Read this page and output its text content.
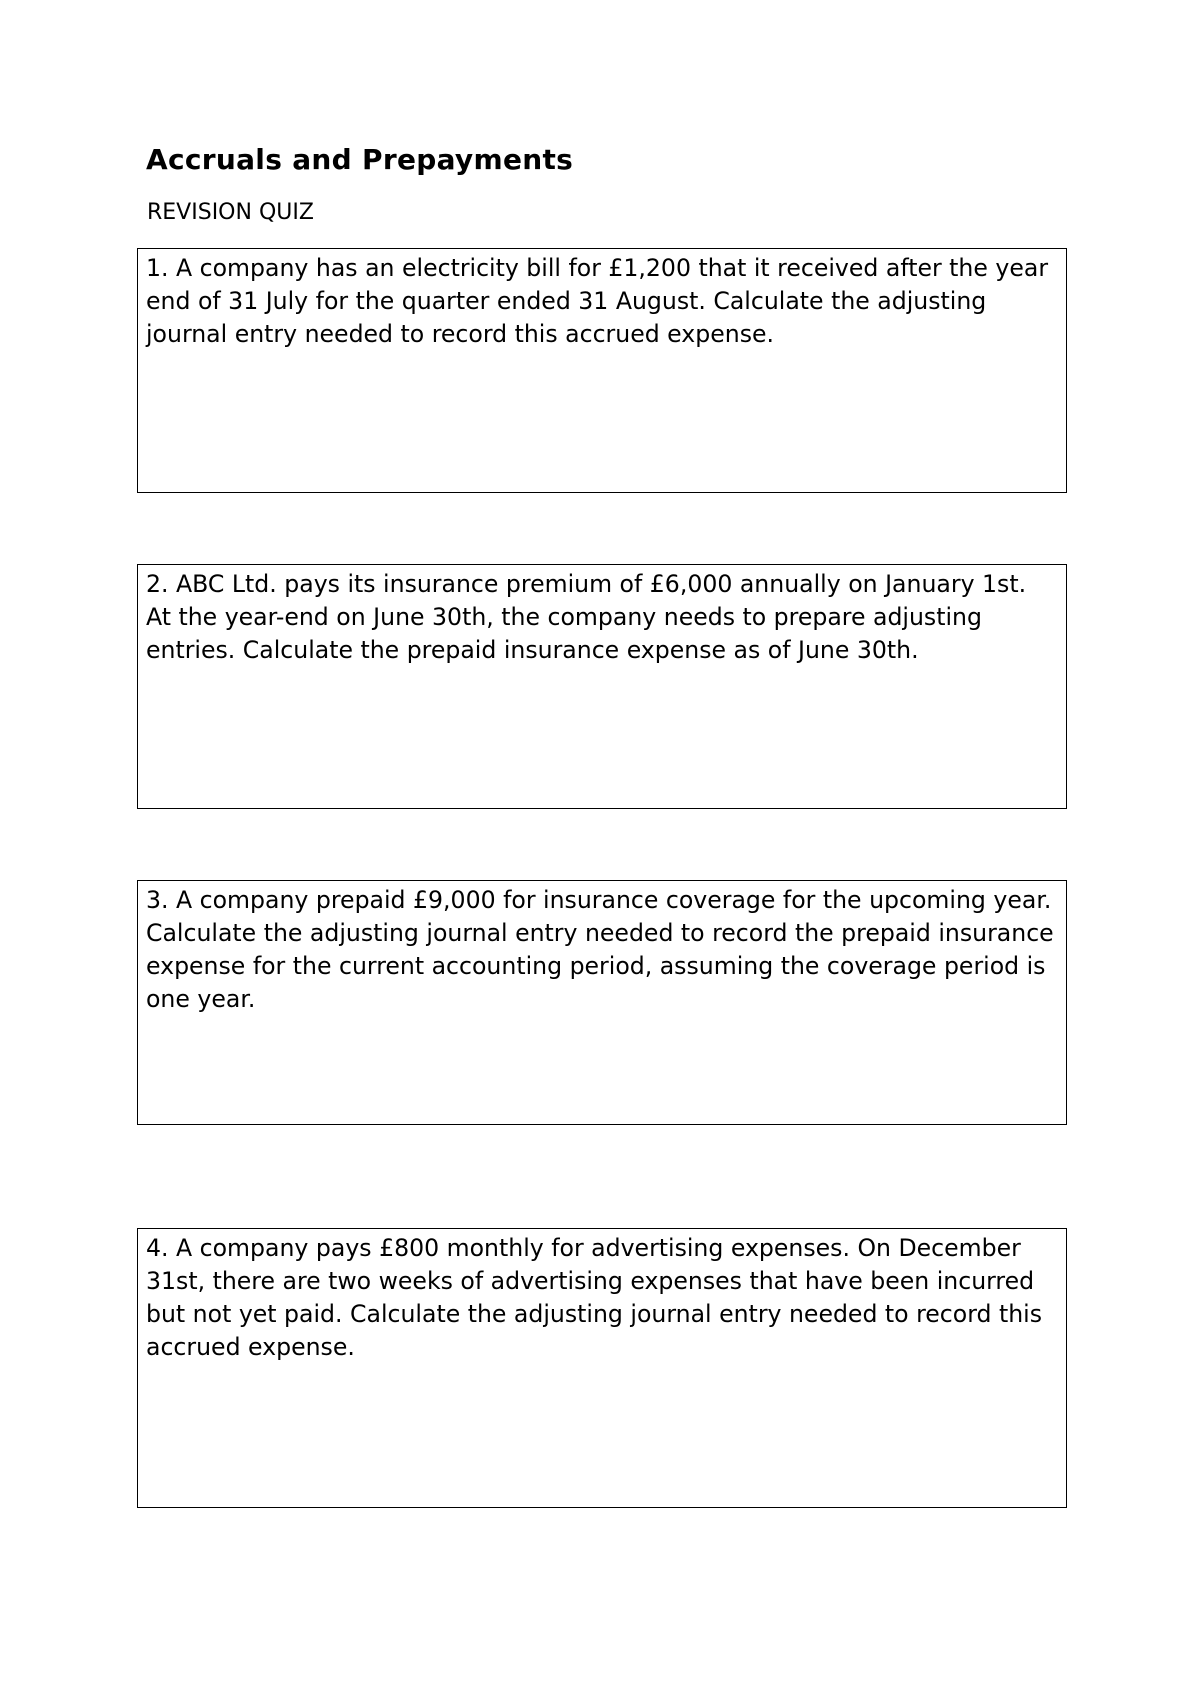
Accruals and Prepayments
REVISION QUIZ

1. A company has an electricity bill for £1,200 that it received after the year end of 31 July for the quarter ended 31 August. Calculate the adjusting journal entry needed to record this accrued expense.

2. ABC Ltd. pays its insurance premium of £6,000 annually on January 1st. At the year-end on June 30th, the company needs to prepare adjusting entries. Calculate the prepaid insurance expense as of June 30th.

3. A company prepaid £9,000 for insurance coverage for the upcoming year. Calculate the adjusting journal entry needed to record the prepaid insurance expense for the current accounting period, assuming the coverage period is one year.

4. A company pays £800 monthly for advertising expenses. On December 31st, there are two weeks of advertising expenses that have been incurred but not yet paid. Calculate the adjusting journal entry needed to record this accrued expense.
